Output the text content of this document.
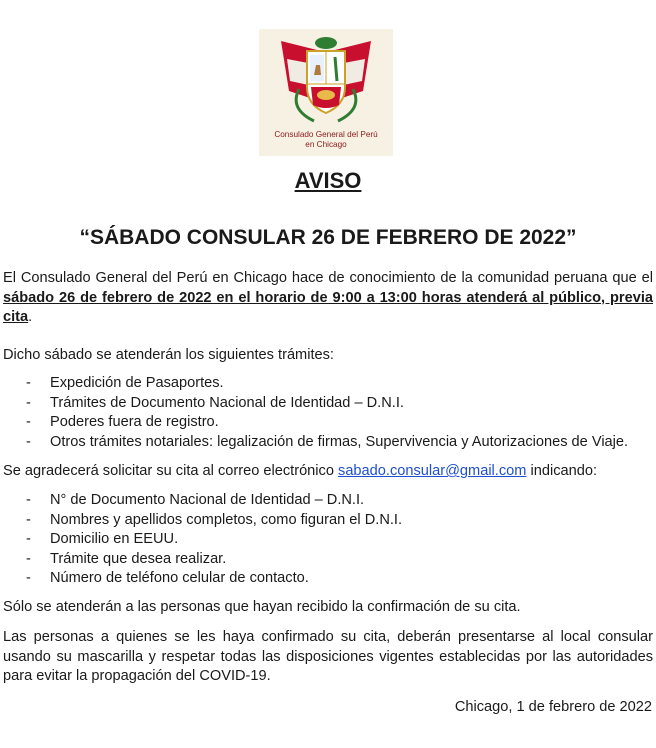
Consulado General del Perú
en Chicago
AVISO
“SÁBADO CONSULAR 26 DE FEBRERO DE 2022”

El Consulado General del Perú en Chicago hace de conocimiento de la comunidad peruana que el sábado 26 de febrero de 2022 en el horario de 9:00 a 13:00 horas atenderá al público, previa cita.

Dicho sábado se atenderán los siguientes trámites:

- Expedición de Pasaportes.
- Trámites de Documento Nacional de Identidad – D.N.I.
- Poderes fuera de registro.
- Otros trámites notariales: legalización de firmas, Supervivencia y Autorizaciones de Viaje.

Se agradecerá solicitar su cita al correo electrónico sabado.consular@gmail.com indicando:

- N° de Documento Nacional de Identidad – D.N.I.
- Nombres y apellidos completos, como figuran el D.N.I.
- Domicilio en EEUU.
- Trámite que desea realizar.
- Número de teléfono celular de contacto.

Sólo se atenderán a las personas que hayan recibido la confirmación de su cita.

Las personas a quienes se les haya confirmado su cita, deberán presentarse al local consular usando su mascarilla y respetar todas las disposiciones vigentes establecidas por las autoridades para evitar la propagación del COVID-19.

Chicago, 1 de febrero de 2022
